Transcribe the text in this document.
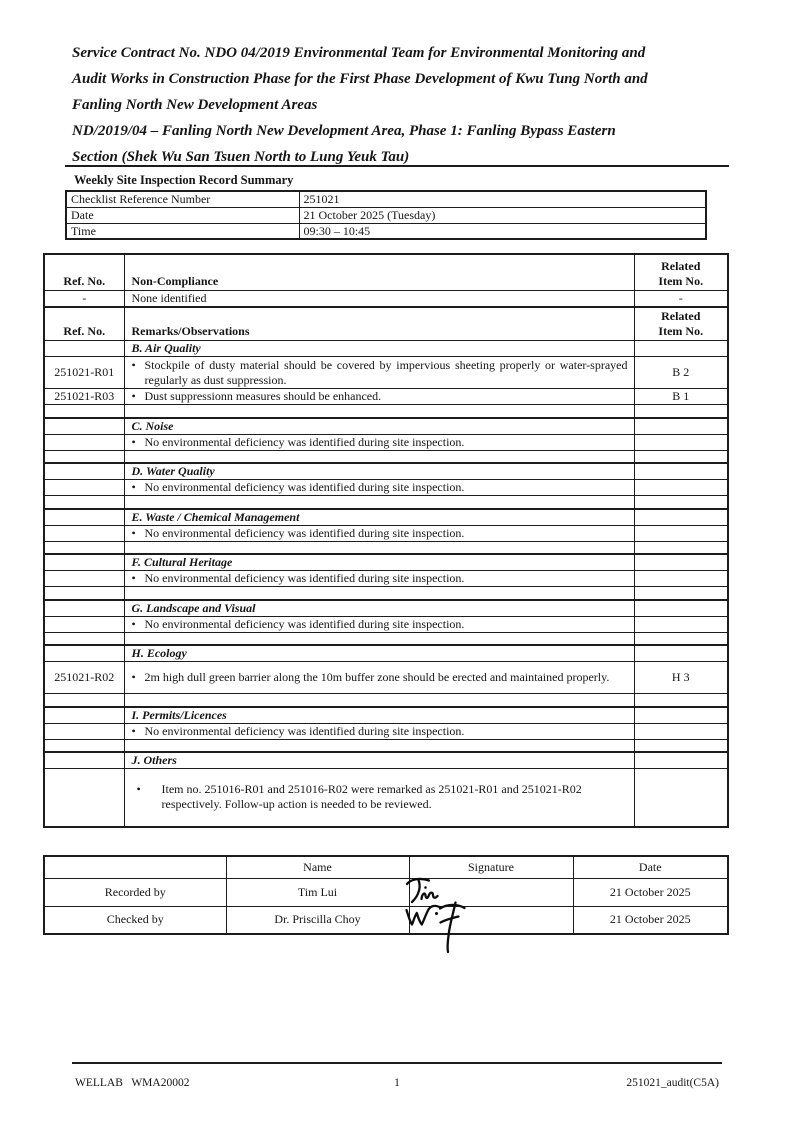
Service Contract No. NDO 04/2019 Environmental Team for Environmental Monitoring and
Audit Works in Construction Phase for the First Phase Development of Kwu Tung North and
Fanling North New Development Areas
ND/2019/04 – Fanling North New Development Area, Phase 1: Fanling Bypass Eastern
Section (Shek Wu San Tsuen North to Lung Yeuk Tau)
Weekly Site Inspection Record Summary
Checklist Reference Number	251021
Date	21 October 2025 (Tuesday)
Time	09:30 – 10:45
Ref. No.	Non-Compliance	Related
Item No.

-	None identified	-
Ref. No.	Remarks/Observations	Related
Item No.

	B. Air Quality	
251021-R01	• Stockpile of dusty material should be covered by impervious sheeting properly or water-sprayed regularly as dust suppression.	B 2
251021-R03	• Dust suppressionn measures should be enhanced.	B 1

	C. Noise	

	• No environmental deficiency was identified during site inspection.	

	D. Water Quality	

	• No environmental deficiency was identified during site inspection.	

	E. Waste / Chemical Management	

	• No environmental deficiency was identified during site inspection.	

	F. Cultural Heritage	

	• No environmental deficiency was identified during site inspection.	

	G. Landscape and Visual	

	• No environmental deficiency was identified during site inspection.	

	H. Ecology	
251021-R02	• 2m high dull green barrier along the 10m buffer zone should be erected and maintained properly.	H 3

	I. Permits/Licences	

	• No environmental deficiency was identified during site inspection.	

	J. Others	

	• Item no. 251016-R01 and 251016-R02 were remarked as 251021-R01 and 251021-R02 respectively. Follow-up action is needed to be reviewed.	

	Name	Signature	Date
Recorded by	Tim Lui		21 October 2025
Checked by	Dr. Priscilla Choy		21 October 2025
WELLAB   WMA20002	1	251021_audit(C5A)
